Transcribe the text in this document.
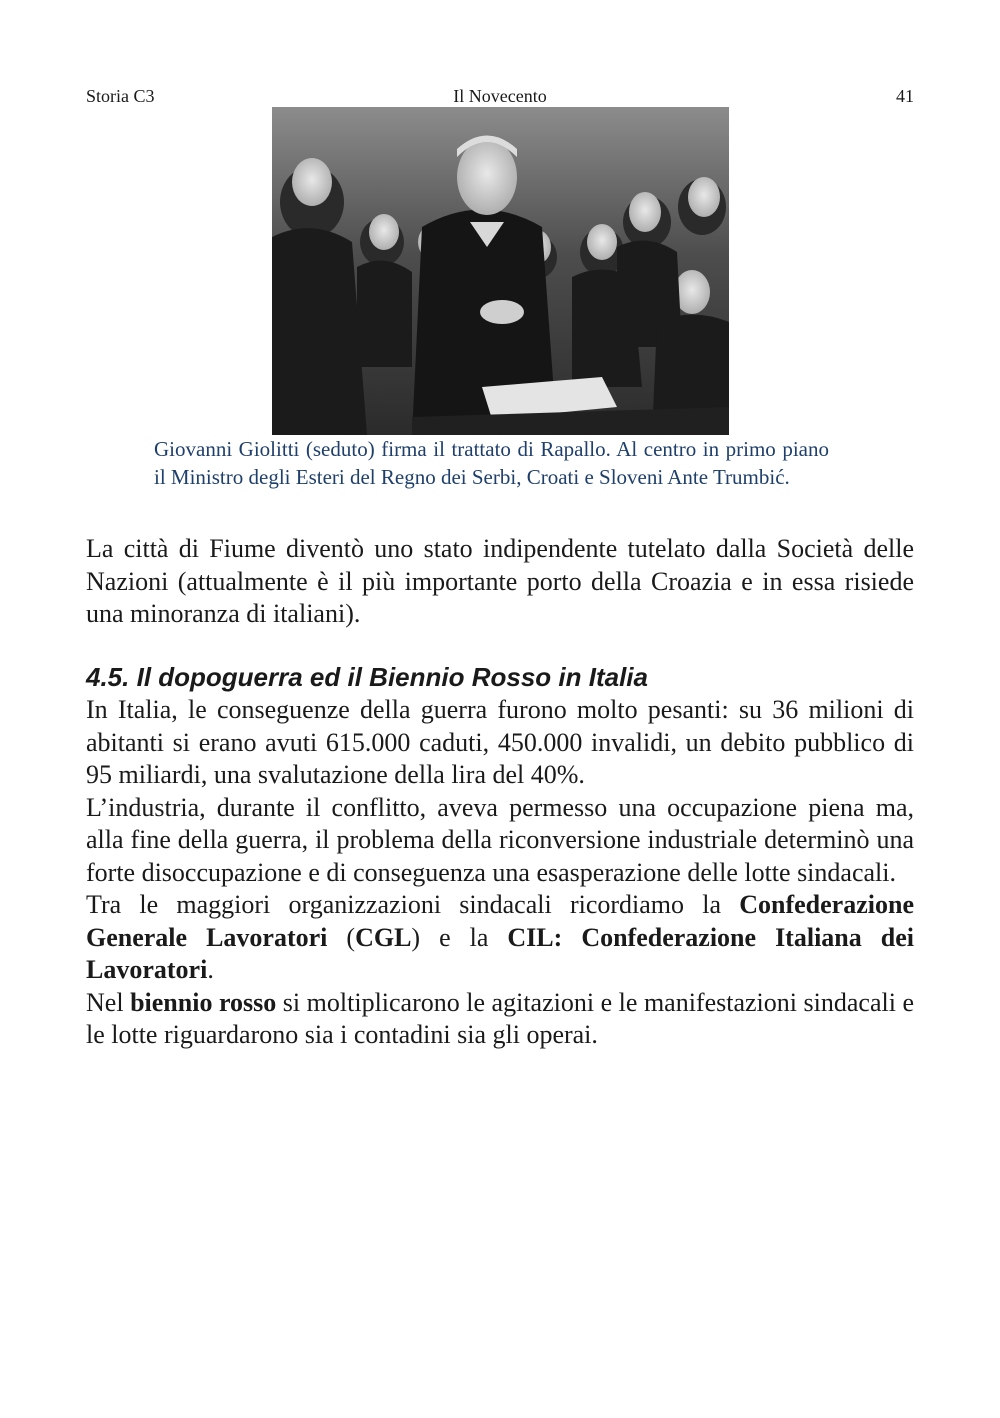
Storia C3	Il Novecento	41
Giovanni Giolitti (seduto) firma il trattato di Rapallo. Al centro in primo piano il Ministro degli Esteri del Regno dei Serbi, Croati e Sloveni Ante Trumbić.

La città di Fiume diventò uno stato indipendente tutelato dalla Società delle Nazioni (attualmente è il più importante porto della Croazia e in essa risiede una minoranza di italiani).

4.5. Il dopoguerra ed il Biennio Rosso in Italia

In Italia, le conseguenze della guerra furono molto pesanti: su 36 milioni di abitanti si erano avuti 615.000 caduti, 450.000 invalidi, un debito pubblico di 95 miliardi, una svalutazione della lira del 40%.

L’industria, durante il conflitto, aveva permesso una occupazione piena ma, alla fine della guerra, il problema della riconversione industriale determinò una forte disoccupazione e di conseguenza una esasperazione delle lotte sindacali.

Tra le maggiori organizzazioni sindacali ricordiamo la Confederazione Generale Lavoratori (CGL) e la CIL: Confederazione Italiana dei Lavoratori.

Nel biennio rosso si moltiplicarono le agitazioni e le manifestazioni sindacali e le lotte riguardarono sia i contadini sia gli operai.
